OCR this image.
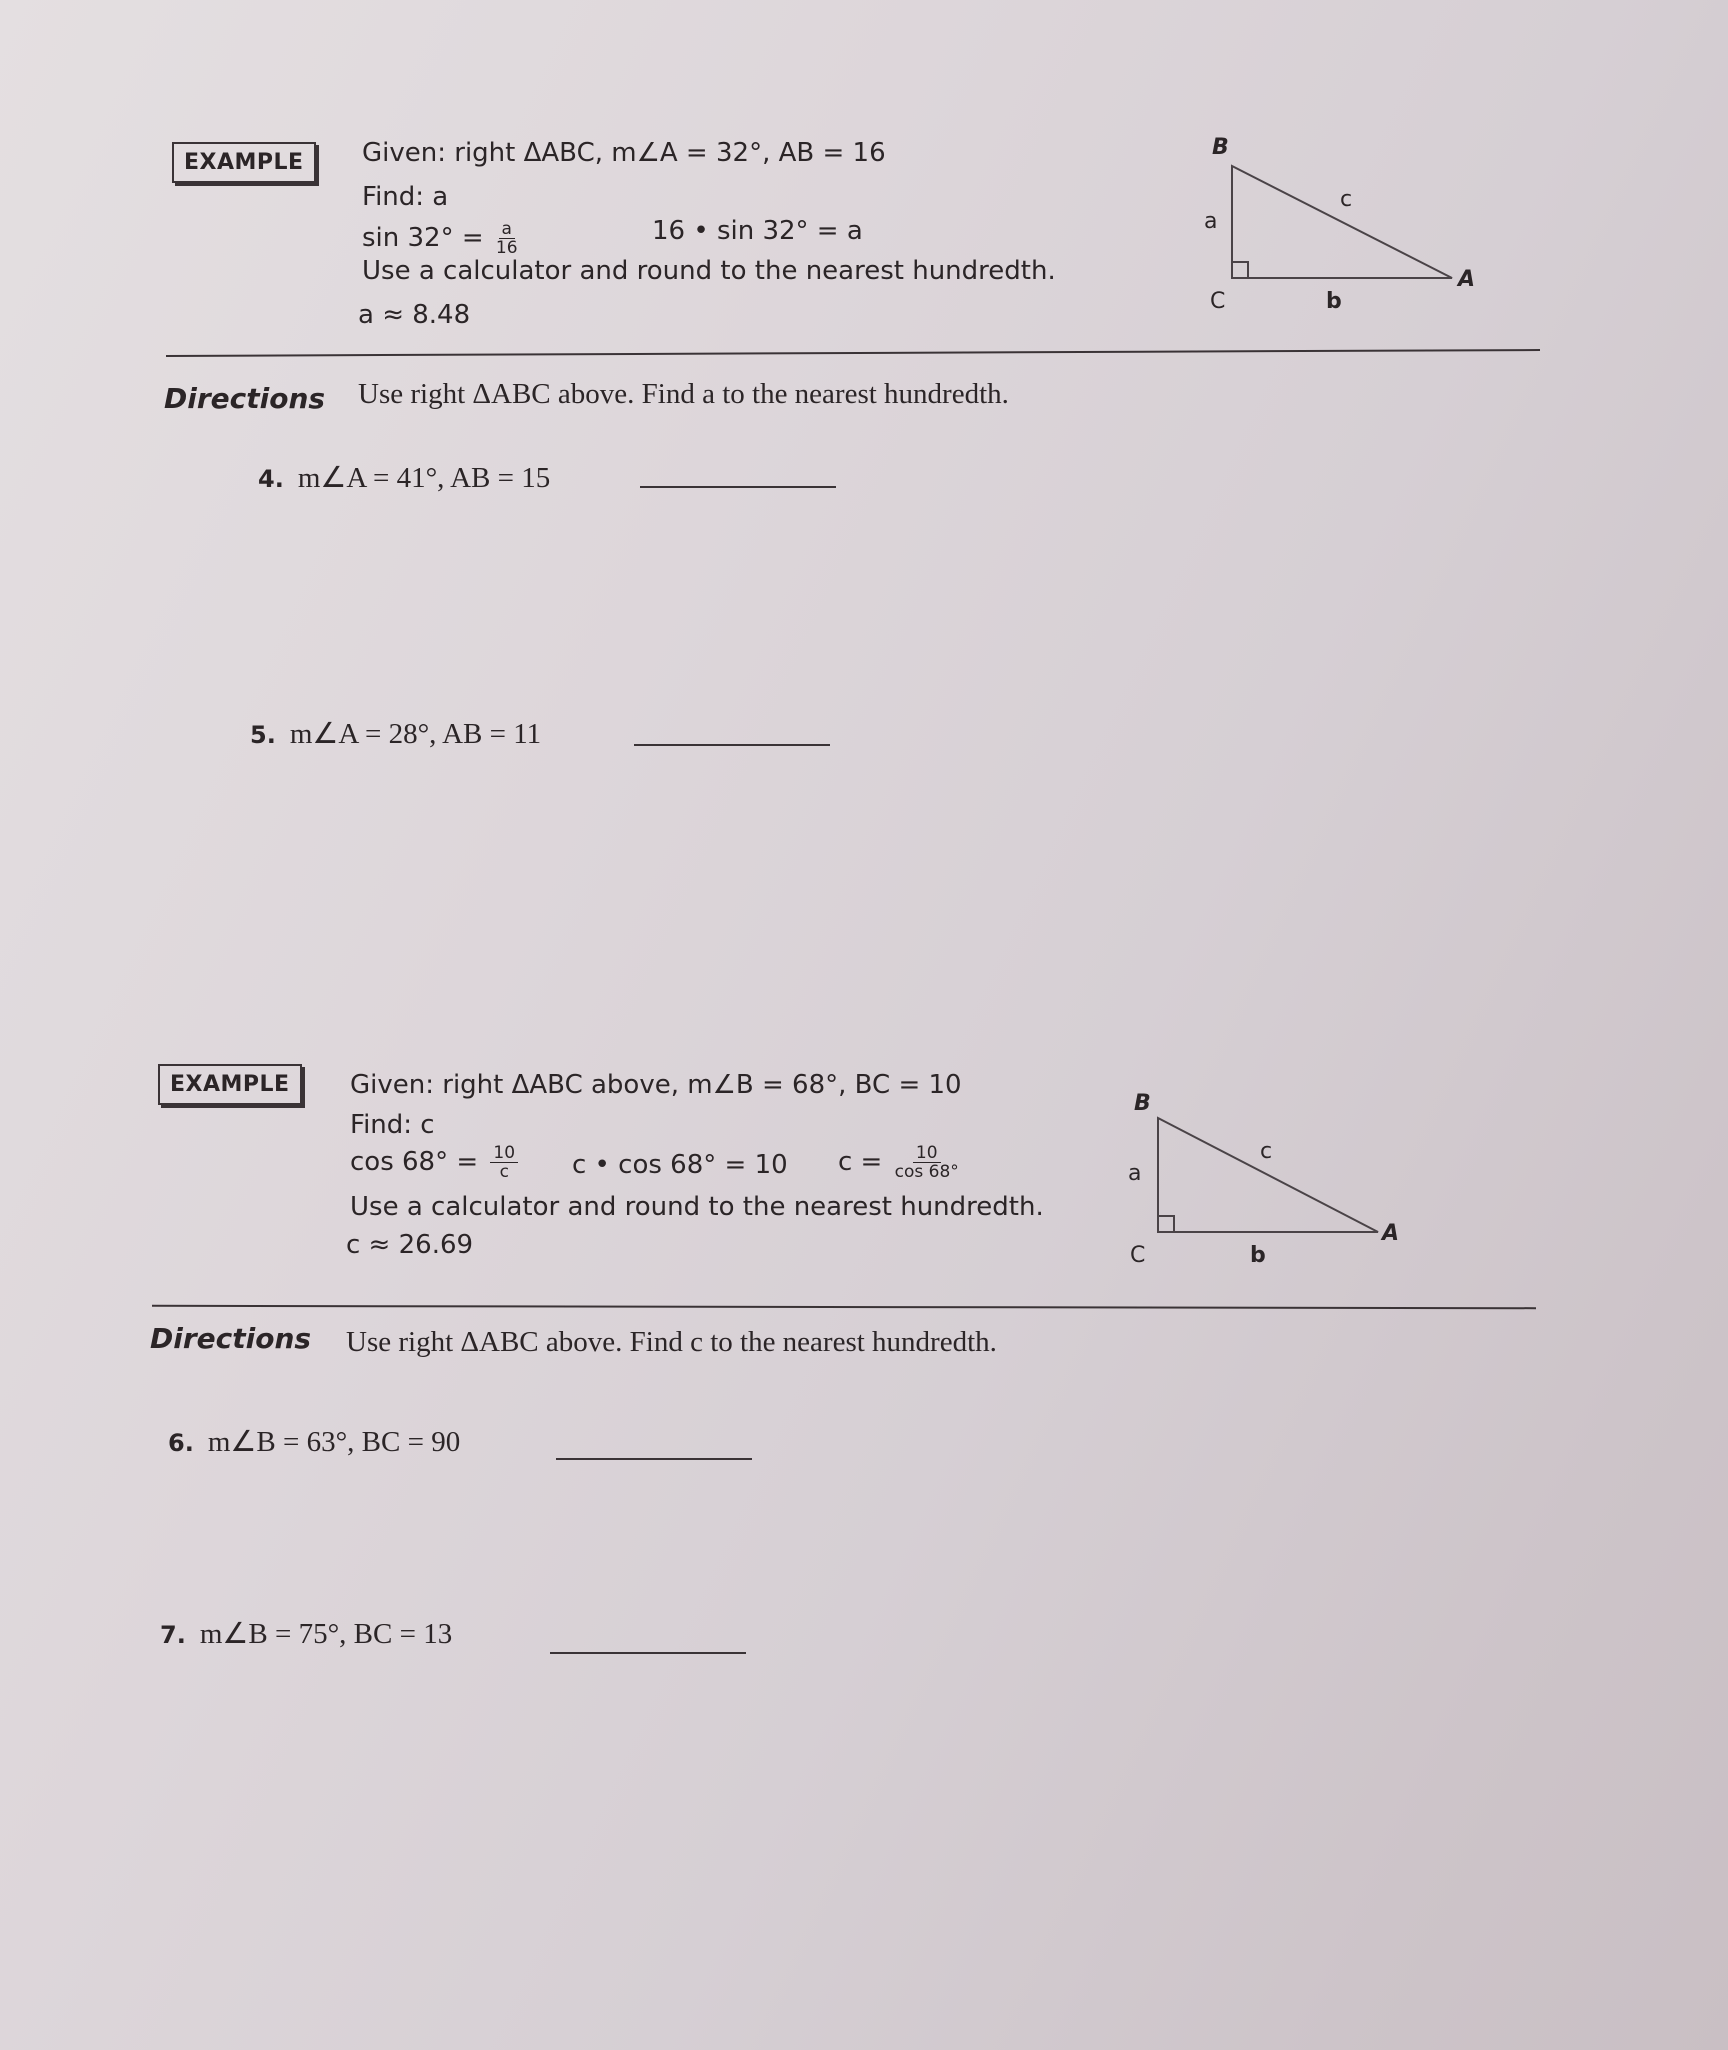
EXAMPLE	Given: right ΔABC, m∠A = 32°, AB = 16
Find: a
$\sin 32^\circ = \frac{a}{16}$	16 • sin 32° = a
Use a calculator and round to the nearest hundredth.
a ≈ 8.48
B
c
a
A
C	b
Directions Use right ΔABC above. Find a to the nearest hundredth.
4. m∠A = 41°, AB = 15
5. m∠A = 28°, AB = 11
EXAMPLE	Given: right ΔABC above, m∠B = 68°, BC = 10
Find: c
$\cos 68^\circ = \frac{10}{c}$ c • cos 68° = 10 $c = \frac{10}{\cos 68^\circ}$
Use a calculator and round to the nearest hundredth.
c ≈ 26.69
B
c
a
A
C	b
Directions Use right ΔABC above. Find c to the nearest hundredth.
6. m∠B = 63°, BC = 90
7. m∠B = 75°, BC = 13
